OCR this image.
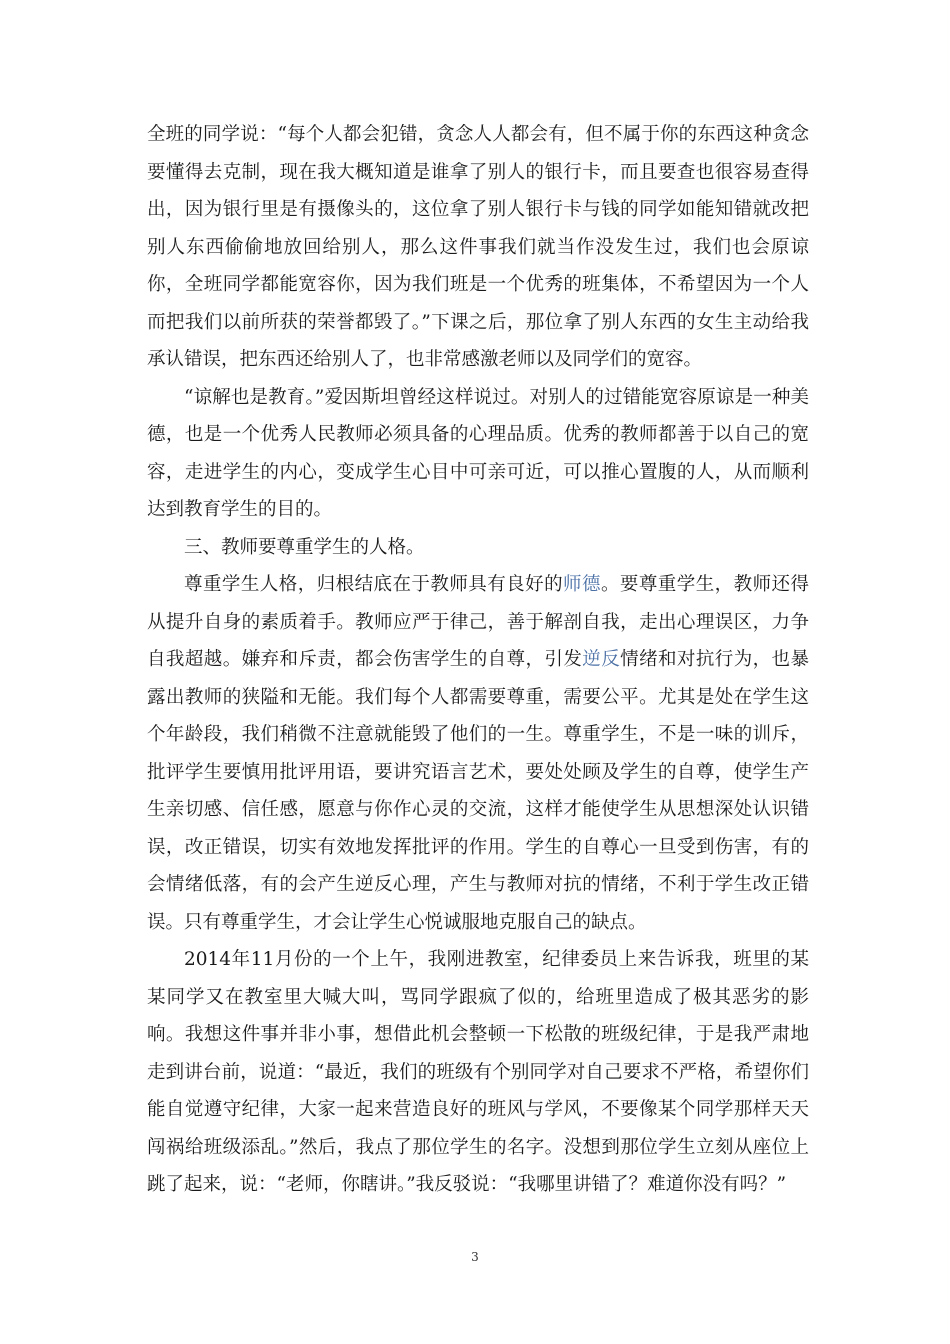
全班的同学说：“每个人都会犯错，贪念人人都会有，但不属于你的东西这种贪念要懂得去克制，现在我大概知道是谁拿了别人的银行卡，而且要查也很容易查得出，因为银行里是有摄像头的，这位拿了别人银行卡与钱的同学如能知错就改把别人东西偷偷地放回给别人，那么这件事我们就当作没发生过，我们也会原谅你，全班同学都能宽容你，因为我们班是一个优秀的班集体，不希望因为一个人而把我们以前所获的荣誉都毁了。”下课之后，那位拿了别人东西的女生主动给我承认错误，把东西还给别人了，也非常感激老师以及同学们的宽容。

“谅解也是教育。”爱因斯坦曾经这样说过。对别人的过错能宽容原谅是一种美德，也是一个优秀人民教师必须具备的心理品质。优秀的教师都善于以自己的宽容，走进学生的内心，变成学生心目中可亲可近，可以推心置腹的人，从而顺利达到教育学生的目的。

三、教师要尊重学生的人格。

尊重学生人格，归根结底在于教师具有良好的师德。要尊重学生，教师还得从提升自身的素质着手。教师应严于律己，善于解剖自我，走出心理误区，力争自我超越。嫌弃和斥责，都会伤害学生的自尊，引发逆反情绪和对抗行为，也暴露出教师的狭隘和无能。我们每个人都需要尊重，需要公平。尤其是处在学生这个年龄段，我们稍微不注意就能毁了他们的一生。尊重学生，不是一味的训斥，批评学生要慎用批评用语，要讲究语言艺术，要处处顾及学生的自尊，使学生产生亲切感、信任感，愿意与你作心灵的交流，这样才能使学生从思想深处认识错误，改正错误，切实有效地发挥批评的作用。学生的自尊心一旦受到伤害，有的会情绪低落，有的会产生逆反心理，产生与教师对抗的情绪，不利于学生改正错误。只有尊重学生，才会让学生心悦诚服地克服自己的缺点。

2014年11月份的一个上午，我刚进教室，纪律委员上来告诉我，班里的某某同学又在教室里大喊大叫，骂同学跟疯了似的，给班里造成了极其恶劣的影响。我想这件事并非小事，想借此机会整顿一下松散的班级纪律，于是我严肃地走到讲台前，说道：“最近，我们的班级有个别同学对自己要求不严格，希望你们能自觉遵守纪律，大家一起来营造良好的班风与学风，不要像某个同学那样天天闯祸给班级添乱。”然后，我点了那位学生的名字。没想到那位学生立刻从座位上跳了起来，说：“老师，你瞎讲。”我反驳说：“我哪里讲错了？难道你没有吗？”

3
